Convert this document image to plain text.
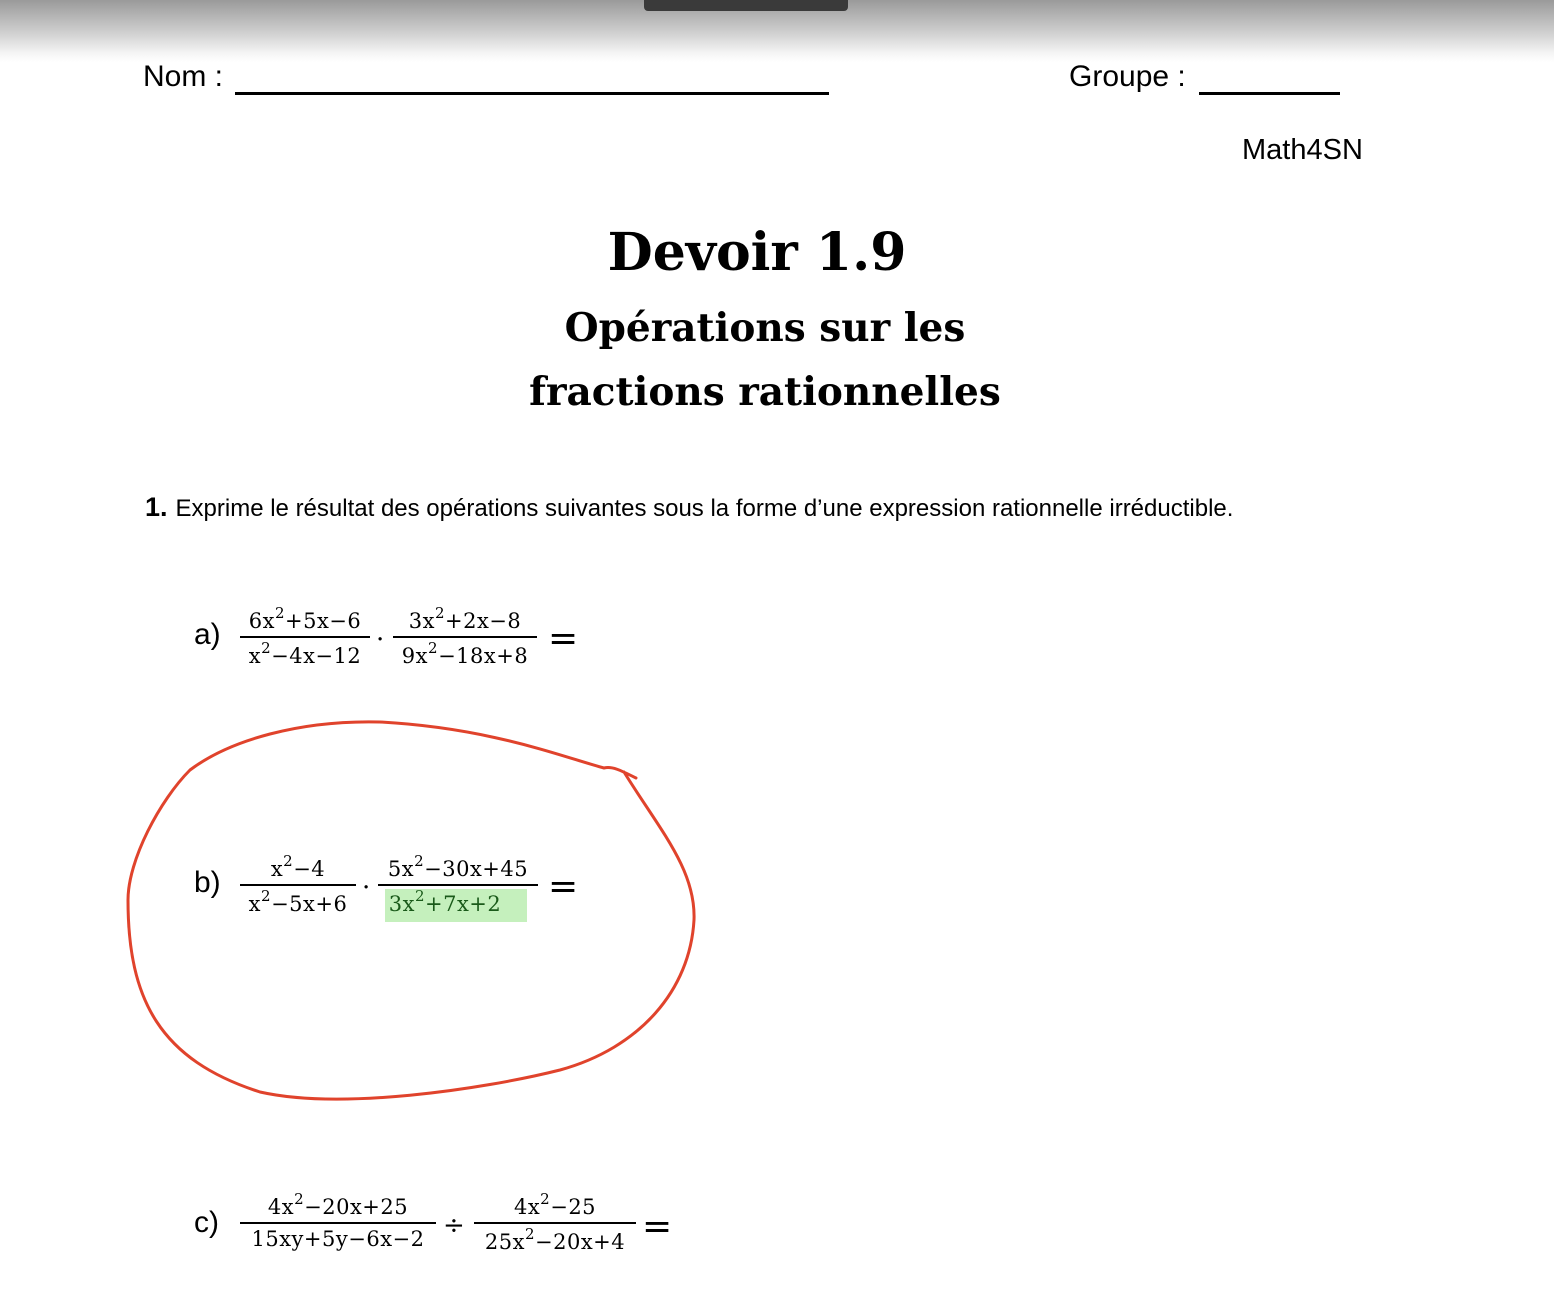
Nom :	Groupe :
Math4SN
Devoir 1.9
Opérations sur les
fractions rationnelles
1. Exprime le résultat des opérations suivantes sous la forme d’une expression rationnelle irréductible.
a)	$6x^2+5x-6$
$x^2-4x-12$
·
$3x^2+2x-8$
$9x^2-18x+8$ =
b)	$x^2-4$
$x^2-5x+6$
·
$5x^2-30x+45$
$3x^2+7x+2$	=
c)	$4x^2-20x+25$
15xy+5y−6x−2 ÷
$4x^2-25$
$25x^2-20x+4$ =
